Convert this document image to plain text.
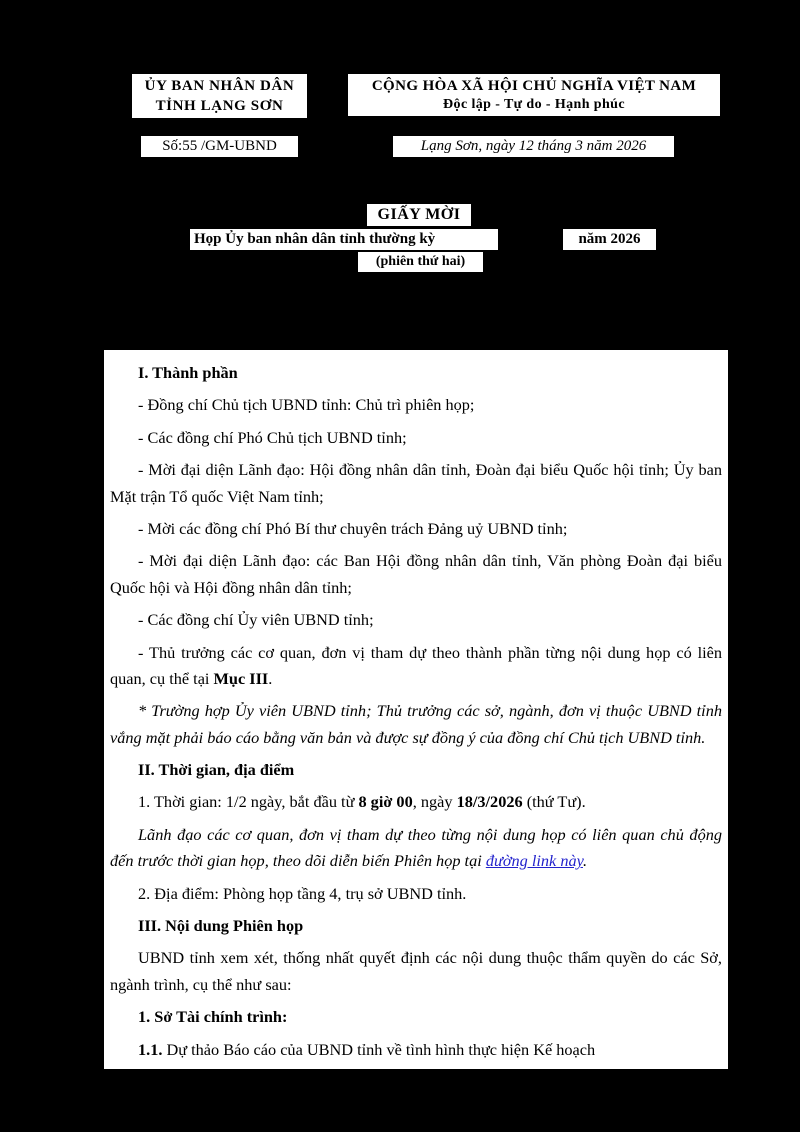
ỦY BAN NHÂN DÂN
TỈNH LẠNG SƠN
CỘNG HÒA XÃ HỘI CHỦ NGHĨA VIỆT NAM
Độc lập - Tự do - Hạnh phúc
Số:55 /GM-UBND	Lạng Sơn, ngày 12 tháng 3 năm 2026
GIẤY MỜI
Họp Ủy ban nhân dân tỉnh thường kỳ	năm 2026
(phiên thứ hai)

I. Thành phần

- Đồng chí Chủ tịch UBND tỉnh: Chủ trì phiên họp;

- Các đồng chí Phó Chủ tịch UBND tỉnh;

- Mời đại diện Lãnh đạo: Hội đồng nhân dân tỉnh, Đoàn đại biểu Quốc hội tỉnh; Ủy ban Mặt trận Tổ quốc Việt Nam tỉnh;

- Mời các đồng chí Phó Bí thư chuyên trách Đảng uỷ UBND tỉnh;

- Mời đại diện Lãnh đạo: các Ban Hội đồng nhân dân tỉnh, Văn phòng Đoàn đại biểu Quốc hội và Hội đồng nhân dân tỉnh;

- Các đồng chí Ủy viên UBND tỉnh;

- Thủ trưởng các cơ quan, đơn vị tham dự theo thành phần từng nội dung họp có liên quan, cụ thể tại Mục III.

* Trường hợp Ủy viên UBND tỉnh; Thủ trưởng các sở, ngành, đơn vị thuộc UBND tỉnh vắng mặt phải báo cáo bằng văn bản và được sự đồng ý của đồng chí Chủ tịch UBND tỉnh.

II. Thời gian, địa điểm

1. Thời gian: 1/2 ngày, bắt đầu từ 8 giờ 00, ngày 18/3/2026 (thứ Tư).

Lãnh đạo các cơ quan, đơn vị tham dự theo từng nội dung họp có liên quan chủ động đến trước thời gian họp, theo dõi diễn biến Phiên họp tại đường link này.

2. Địa điểm: Phòng họp tầng 4, trụ sở UBND tỉnh.

III. Nội dung Phiên họp

UBND tỉnh xem xét, thống nhất quyết định các nội dung thuộc thẩm quyền do các Sở, ngành trình, cụ thể như sau:

1. Sở Tài chính trình:

1.1. Dự thảo Báo cáo của UBND tỉnh về tình hình thực hiện Kế hoạch
